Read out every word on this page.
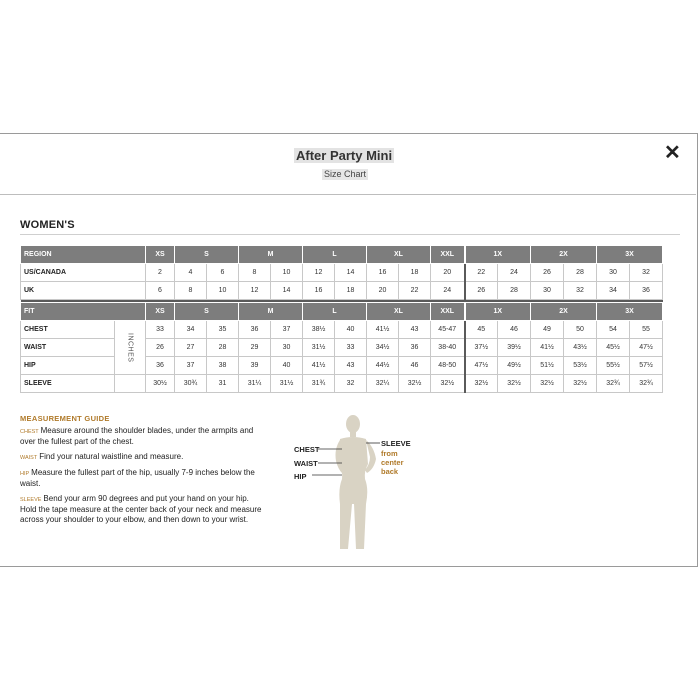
After Party Mini
Size Chart
✕
WOMEN'S
REGION		XS	S		M		L		XL		XXL	1X		2X		3X	
US/CANADA		2	4	6	8	10	12	14	16	18	20	22	24	26	28	30	32
UK		6	8	10	12	14	16	18	20	22	24	26	28	30	32	34	36

FIT		XS	S		M		L		XL		XXL	1X		2X		3X	
CHEST	INCHES	33	34	35	36	37	38½	40	41½	43	45-47	45	46	49	50	54	55
WAIST		26	27	28	29	30	31½	33	34½	36	38-40	37½	39½	41½	43½	45½	47½
HIP		36	37	38	39	40	41½	43	44½	46	48-50	47½	49½	51½	53½	55½	57½
SLEEVE		30½	30¾	31	31¼	31½	31¾	32	32¼	32½	32½	32½	32½	32½	32½	32¾	32¾
MEASUREMENT GUIDE

CHEST Measure around the shoulder blades, under the armpits and over the fullest part of the chest.

WAIST Find your natural waistline and measure.

HIP Measure the fullest part of the hip, usually 7-9 inches below the waist.

SLEEVE Bend your arm 90 degrees and put your hand on your hip. Hold the tape measure at the center back of your neck and measure across your shoulder to your elbow, and then down to your wrist.

CHEST
WAIST
HIP
SLEEVE
from
center
back
